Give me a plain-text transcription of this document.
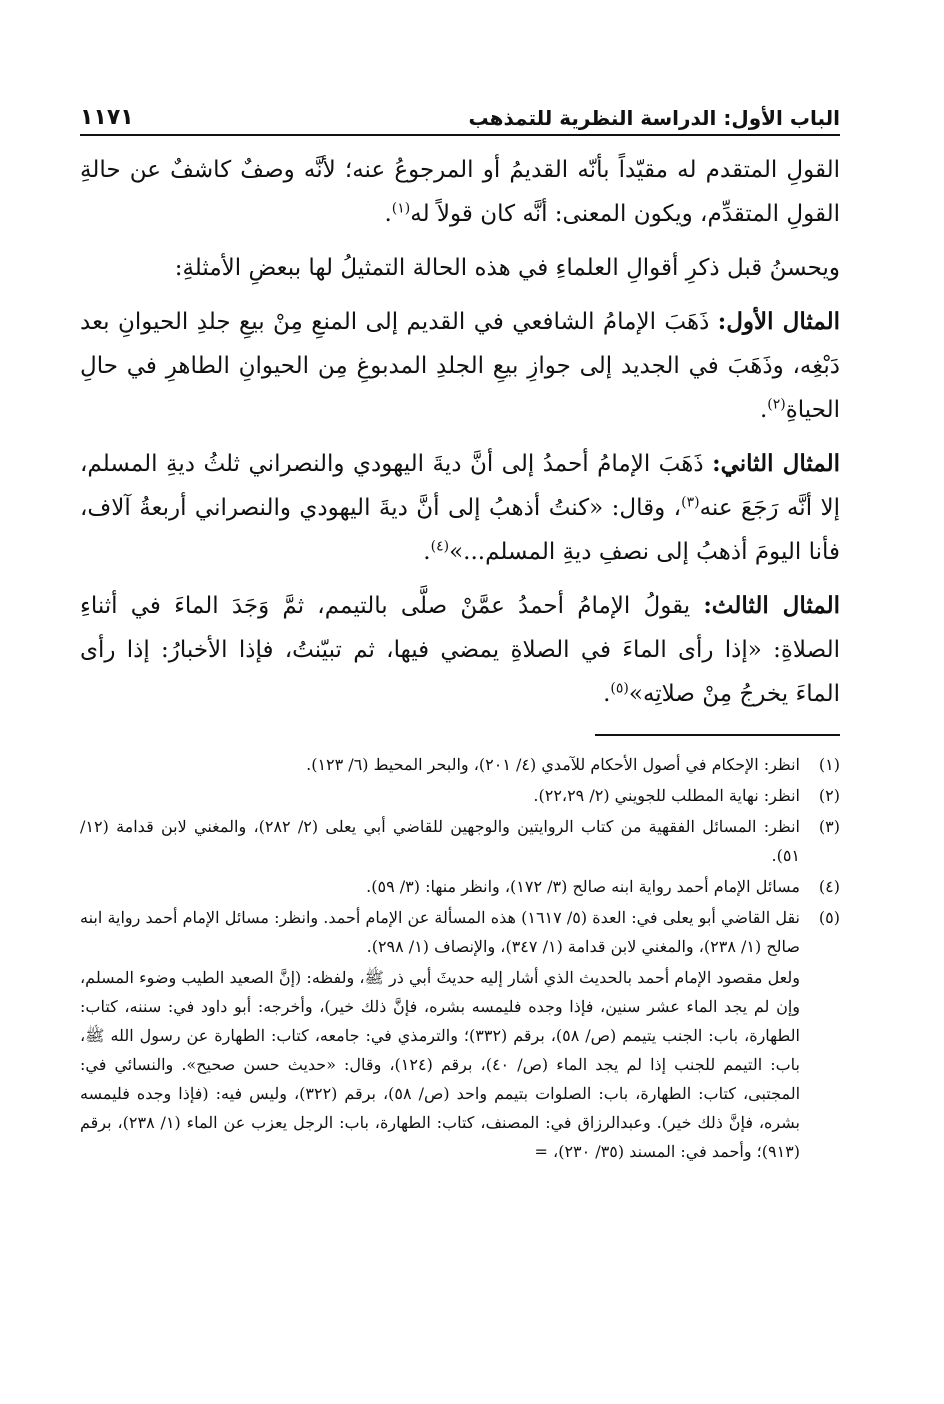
الباب الأول: الدراسة النظرية للتمذهب
١١٧١

القولِ المتقدم له مقيّداً بأنّه القديمُ أو المرجوعُ عنه؛ لأنَّه وصفٌ كاشفٌ عن حالةِ القولِ المتقدِّم، ويكون المعنى: أنَّه كان قولاً له$^{(١)}$.

ويحسنُ قبل ذكرِ أقوالِ العلماءِ في هذه الحالة التمثيلُ لها ببعضِ الأمثلةِ:

المثال الأول: ذَهَبَ الإمامُ الشافعي في القديم إلى المنعِ مِنْ بيعِ جلدِ الحيوانِ بعد دَبْغِه، وذَهَبَ في الجديد إلى جوازِ بيعِ الجلدِ المدبوغِ مِن الحيوانِ الطاهرِ في حالِ الحياةِ$^{(٢)}$.

المثال الثاني: ذَهَبَ الإمامُ أحمدُ إلى أنَّ ديةَ اليهودي والنصراني ثلثُ ديةِ المسلم، إلا أنَّه رَجَعَ عنه$^{(٣)}$، وقال: «كنتُ أذهبُ إلى أنَّ ديةَ اليهودي والنصراني أربعةُ آلاف، فأنا اليومَ أذهبُ إلى نصفِ ديةِ المسلم...»$^{(٤)}$.

المثال الثالث: يقولُ الإمامُ أحمدُ عمَّنْ صلَّى بالتيمم، ثمَّ وَجَدَ الماءَ في أثناءِ الصلاةِ: «إذا رأى الماءَ في الصلاةِ يمضي فيها، ثم تبيّنتُ، فإذا الأخبارُ: إذا رأى الماءَ يخرجُ مِنْ صلاتِه»$^{(٥)}$.

(١)
انظر: الإحكام في أصول الأحكام للآمدي (٤/ ٢٠١)، والبحر المحيط (٦/ ١٢٣).
(٢)
انظر: نهاية المطلب للجويني (٢/ ٢٢،٢٩).
(٣)
انظر: المسائل الفقهية من كتاب الروايتين والوجهين للقاضي أبي يعلى (٢/ ٢٨٢)، والمغني لابن قدامة (١٢/ ٥١).
(٤)
مسائل الإمام أحمد رواية ابنه صالح (٣/ ١٧٢)، وانظر منها: (٣/ ٥٩).
(٥)
نقل القاضي أبو يعلى في: العدة (٥/ ١٦١٧) هذه المسألة عن الإمام أحمد. وانظر: مسائل الإمام أحمد رواية ابنه صالح (١/ ٢٣٨)، والمغني لابن قدامة (١/ ٣٤٧)، والإنصاف (١/ ٢٩٨).
ولعل مقصود الإمام أحمد بالحديث الذي أشار إليه حديثَ أبي ذر ﷺ، ولفظه: (إنَّ الصعيد الطيب وضوء المسلم، وإن لم يجد الماء عشر سنين، فإذا وجده فليمسه بشره، فإنَّ ذلك خير)، وأخرجه: أبو داود في: سننه، كتاب: الطهارة، باب: الجنب يتيمم (ص/ ٥٨)، برقم (٣٣٢)؛ والترمذي في: جامعه، كتاب: الطهارة عن رسول الله ﷺ، باب: التيمم للجنب إذا لم يجد الماء (ص/ ٤٠)، برقم (١٢٤)، وقال: «حديث حسن صحيح». والنسائي في: المجتبى، كتاب: الطهارة، باب: الصلوات بتيمم واحد (ص/ ٥٨)، برقم (٣٢٢)، وليس فيه: (فإذا وجده فليمسه بشره، فإنَّ ذلك خير). وعبدالرزاق في: المصنف، كتاب: الطهارة، باب: الرجل يعزب عن الماء (١/ ٢٣٨)، برقم (٩١٣)؛ وأحمد في: المسند (٣٥/ ٢٣٠)، =
